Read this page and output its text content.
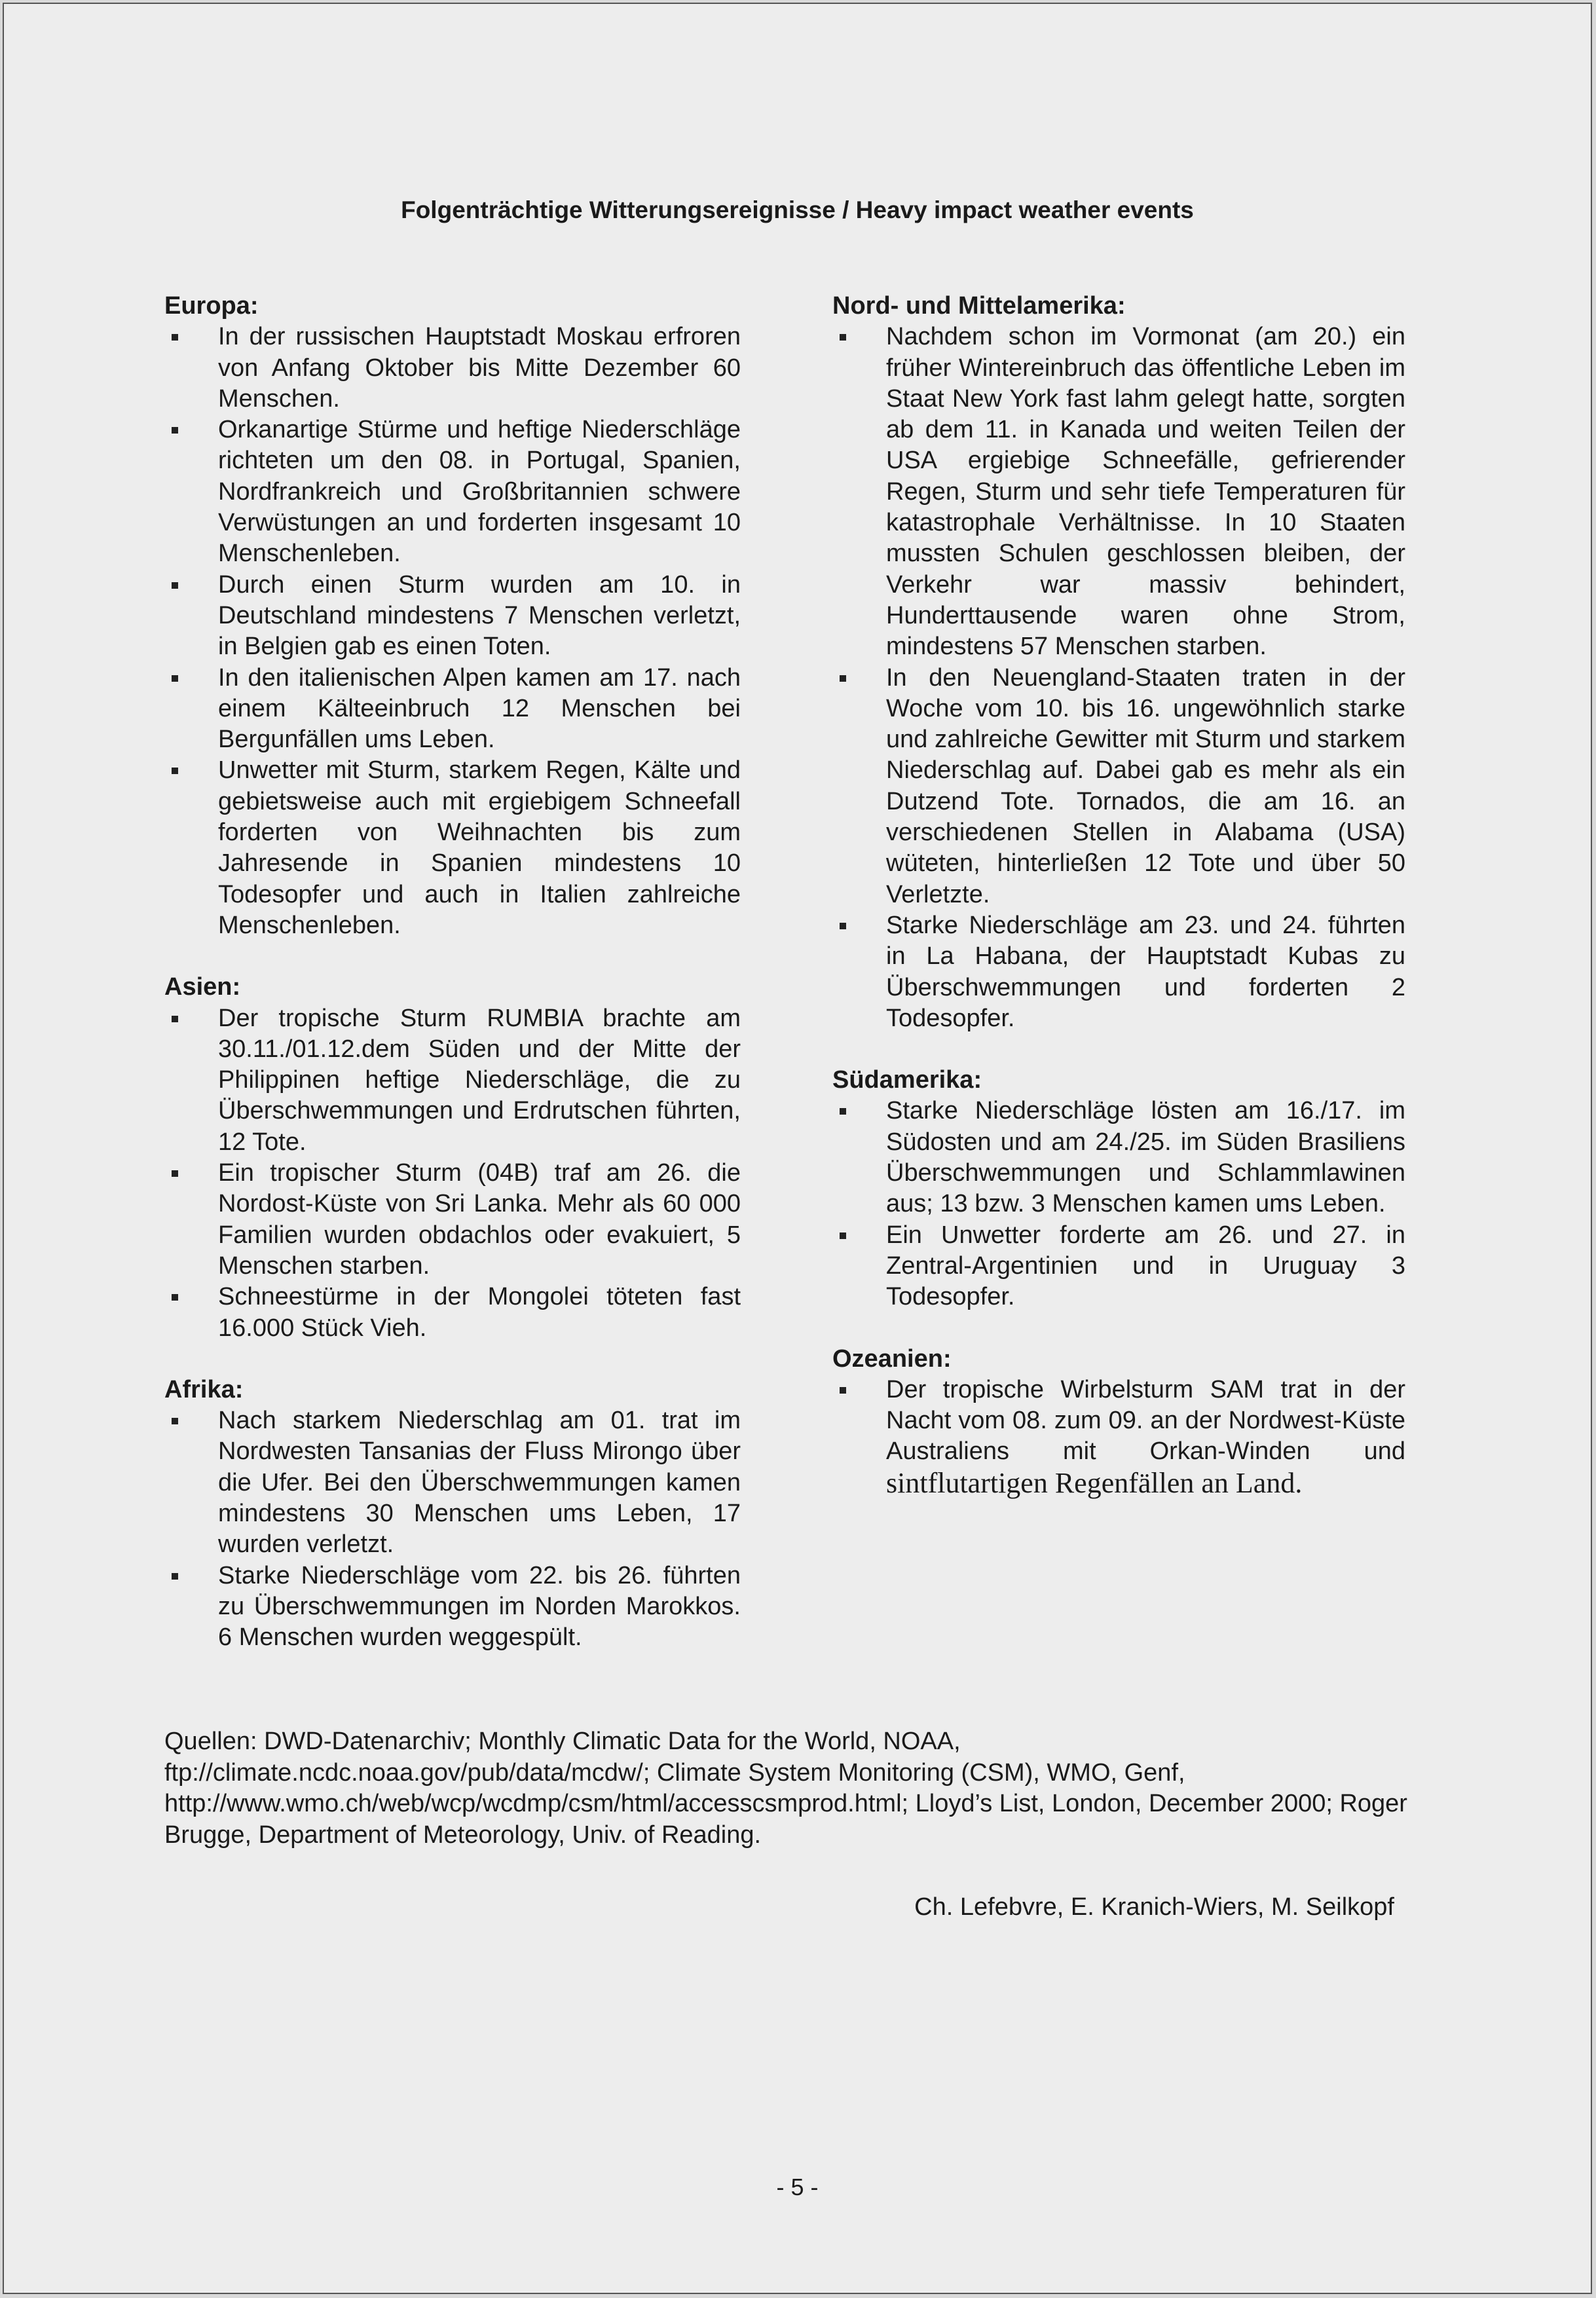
Folgenträchtige Witterungsereignisse / Heavy impact weather events
Europa:
In der russischen Hauptstadt Moskau erfroren von Anfang Oktober bis Mitte Dezember 60 Menschen.
Orkanartige Stürme und heftige Niederschläge richteten um den 08. in Portugal, Spanien, Nordfrankreich und Großbritannien schwere Verwüstungen an und forderten insgesamt 10 Menschenleben.
Durch einen Sturm wurden am 10. in Deutschland mindestens 7 Menschen verletzt, in Belgien gab es einen Toten.
In den italienischen Alpen kamen am 17. nach einem Kälteeinbruch 12 Menschen bei Bergunfällen ums Leben.
Unwetter mit Sturm, starkem Regen, Kälte und gebietsweise auch mit ergiebigem Schneefall forderten von Weihnachten bis zum Jahresende in Spanien mindestens 10 Todesopfer und auch in Italien zahlreiche Menschenleben.
Asien:
Der tropische Sturm RUMBIA brachte am 30.11./01.12.dem Süden und der Mitte der Philippinen heftige Niederschläge, die zu Überschwemmungen und Erdrutschen führten, 12 Tote.
Ein tropischer Sturm (04B) traf am 26. die Nordost-Küste von Sri Lanka. Mehr als 60 000 Familien wurden obdachlos oder evakuiert, 5 Menschen starben.
Schneestürme in der Mongolei töteten fast 16.000 Stück Vieh.
Afrika:
Nach starkem Niederschlag am 01. trat im Nordwesten Tansanias der Fluss Mirongo über die Ufer. Bei den Überschwemmungen kamen mindestens 30 Menschen ums Leben, 17 wurden verletzt.
Starke Niederschläge vom 22. bis 26. führten zu Überschwemmungen im Norden Marokkos. 6 Menschen wurden weggespült.
Nord- und Mittelamerika:
Nachdem schon im Vormonat (am 20.) ein früher Wintereinbruch das öffentliche Leben im Staat New York fast lahm gelegt hatte, sorgten ab dem 11. in Kanada und weiten Teilen der USA ergiebige Schneefälle, gefrierender Regen, Sturm und sehr tiefe Temperaturen für katastrophale Verhältnisse. In 10 Staaten mussten Schulen geschlossen bleiben, der Verkehr war massiv behindert, Hunderttausende waren ohne Strom, mindestens 57 Menschen starben.
In den Neuengland-Staaten traten in der Woche vom 10. bis 16. ungewöhnlich starke und zahlreiche Gewitter mit Sturm und starkem Niederschlag auf. Dabei gab es mehr als ein Dutzend Tote. Tornados, die am 16. an verschiedenen Stellen in Alabama (USA) wüteten, hinterließen 12 Tote und über 50 Verletzte.
Starke Niederschläge am 23. und 24. führten in La Habana, der Hauptstadt Kubas zu Überschwemmungen und forderten 2 Todesopfer.
Südamerika:
Starke Niederschläge lösten am 16./17. im Südosten und am 24./25. im Süden Brasiliens Überschwemmungen und Schlammlawinen aus; 13 bzw. 3 Menschen kamen ums Leben.
Ein Unwetter forderte am 26. und 27. in Zentral-Argentinien und in Uruguay 3 Todesopfer.
Ozeanien:
Der tropische Wirbelsturm SAM trat in der Nacht vom 08. zum 09. an der Nordwest-Küste Australiens mit Orkan-Winden und sintflutartigen Regenfällen an Land.
Quellen: DWD-Datenarchiv; Monthly Climatic Data for the World, NOAA, ftp://climate.ncdc.noaa.gov/pub/data/mcdw/; Climate System Monitoring (CSM), WMO, Genf, http://www.wmo.ch/web/wcp/wcdmp/csm/html/accesscsmprod.html; Lloyd’s List, London, December 2000; Roger Brugge, Department of Meteorology, Univ. of Reading.
Ch. Lefebvre, E. Kranich-Wiers, M. Seilkopf
- 5 -
